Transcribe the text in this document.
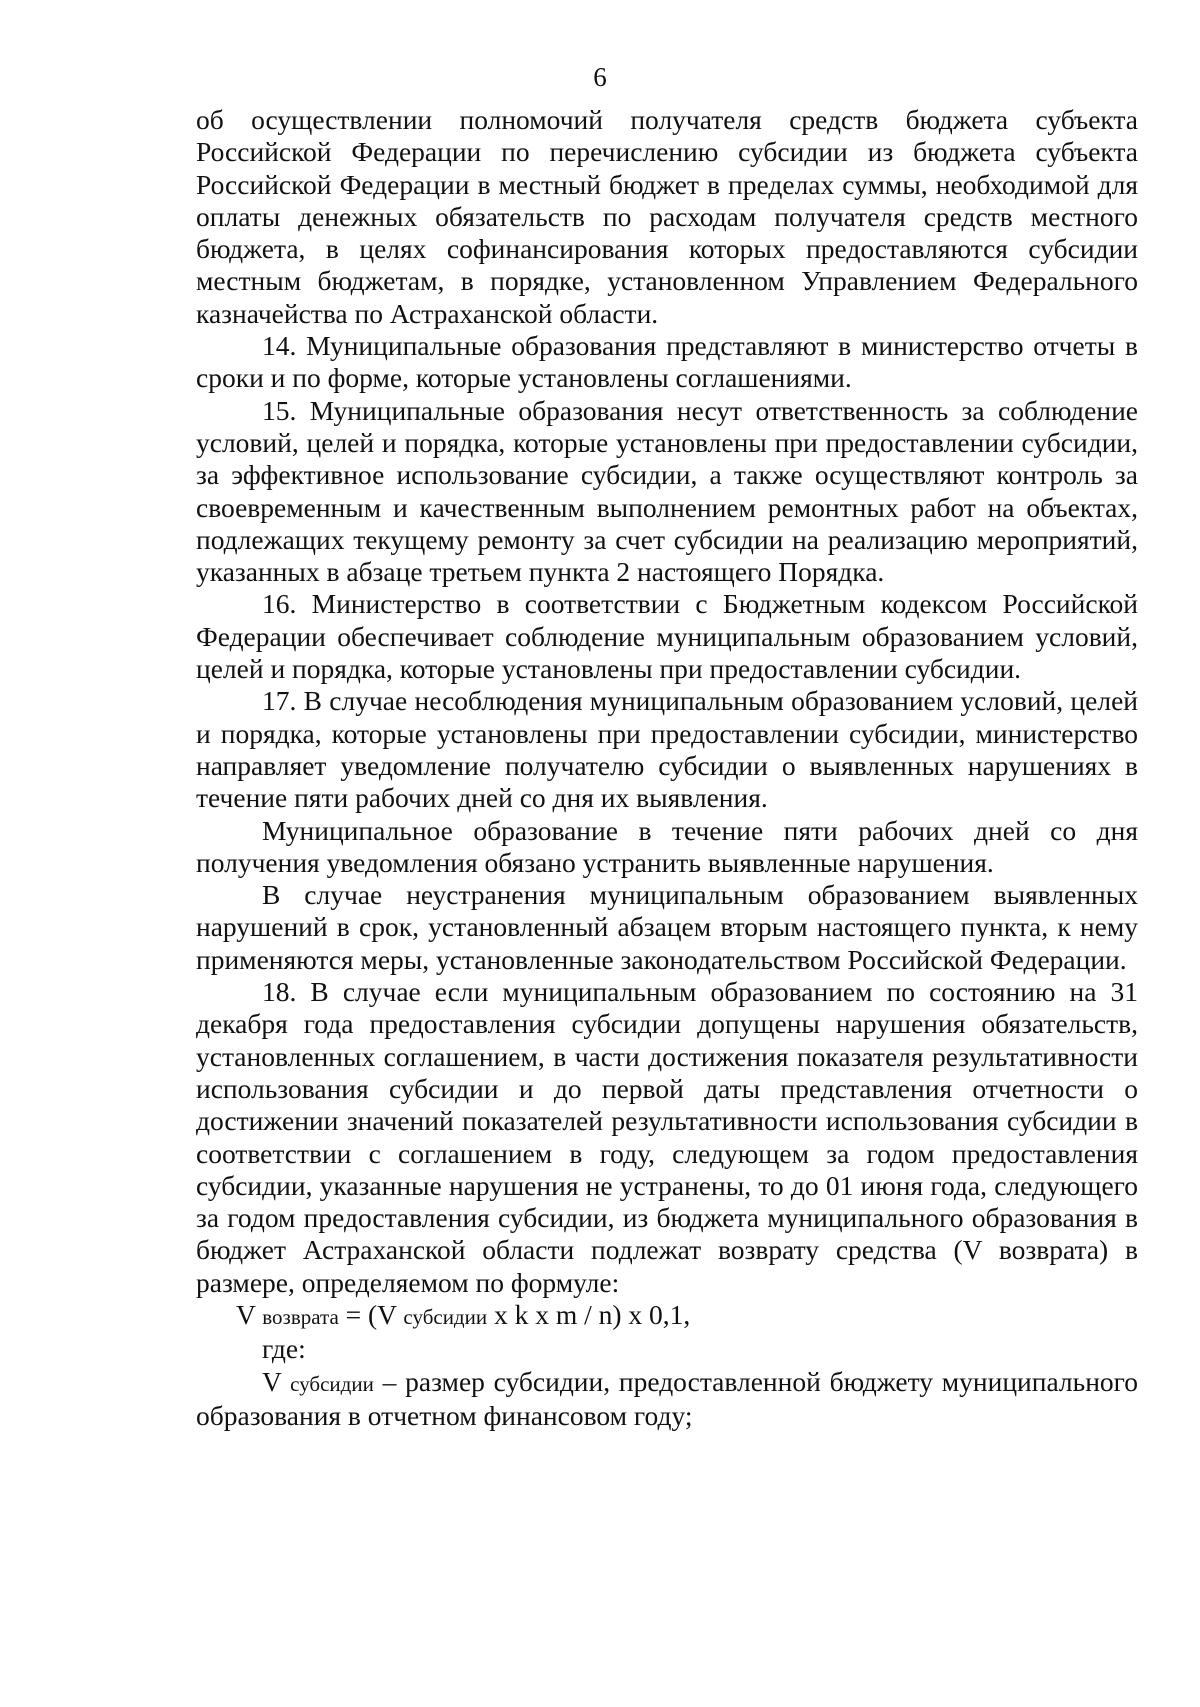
6

об осуществлении полномочий получателя средств бюджета субъекта Российской Федерации по перечислению субсидии из бюджета субъекта Российской Федерации в местный бюджет в пределах суммы, необходимой для оплаты денежных обязательств по расходам получателя средств местного бюджета, в целях софинансирования которых предоставляются субсидии местным бюджетам, в порядке, установленном Управлением Федерального казначейства по Астраханской области.

14. Муниципальные образования представляют в министерство отчеты в сроки и по форме, которые установлены соглашениями.

15. Муниципальные образования несут ответственность за соблюдение условий, целей и порядка, которые установлены при предоставлении субсидии, за эффективное использование субсидии, а также осуществляют контроль за своевременным и качественным выполнением ремонтных работ на объектах, подлежащих текущему ремонту за счет субсидии на реализацию мероприятий, указанных в абзаце третьем пункта 2 настоящего Порядка.

16. Министерство в соответствии с Бюджетным кодексом Российской Федерации обеспечивает соблюдение муниципальным образованием условий, целей и порядка, которые установлены при предоставлении субсидии.

17. В случае несоблюдения муниципальным образованием условий, целей и порядка, которые установлены при предоставлении субсидии, министерство направляет уведомление получателю субсидии о выявленных нарушениях в течение пяти рабочих дней со дня их выявления.

Муниципальное образование в течение пяти рабочих дней со дня получения уведомления обязано устранить выявленные нарушения.

В случае неустранения муниципальным образованием выявленных нарушений в срок, установленный абзацем вторым настоящего пункта, к нему применяются меры, установленные законодательством Российской Федерации.

18. В случае если муниципальным образованием по состоянию на 31 декабря года предоставления субсидии допущены нарушения обязательств, установленных соглашением, в части достижения показателя результативности использования субсидии и до первой даты представления отчетности о достижении значений показателей результативности использования субсидии в соответствии с соглашением в году, следующем за годом предоставления субсидии, указанные нарушения не устранены, то до 01 июня года, следующего за годом предоставления субсидии, из бюджета муниципального образования в бюджет Астраханской области подлежат возврату средства (V возврата) в размере, определяемом по формуле:

V возврата = (V субсидии x k x m / n) x 0,1,

где:

V субсидии – размер субсидии, предоставленной бюджету муниципального образования в отчетном финансовом году;
